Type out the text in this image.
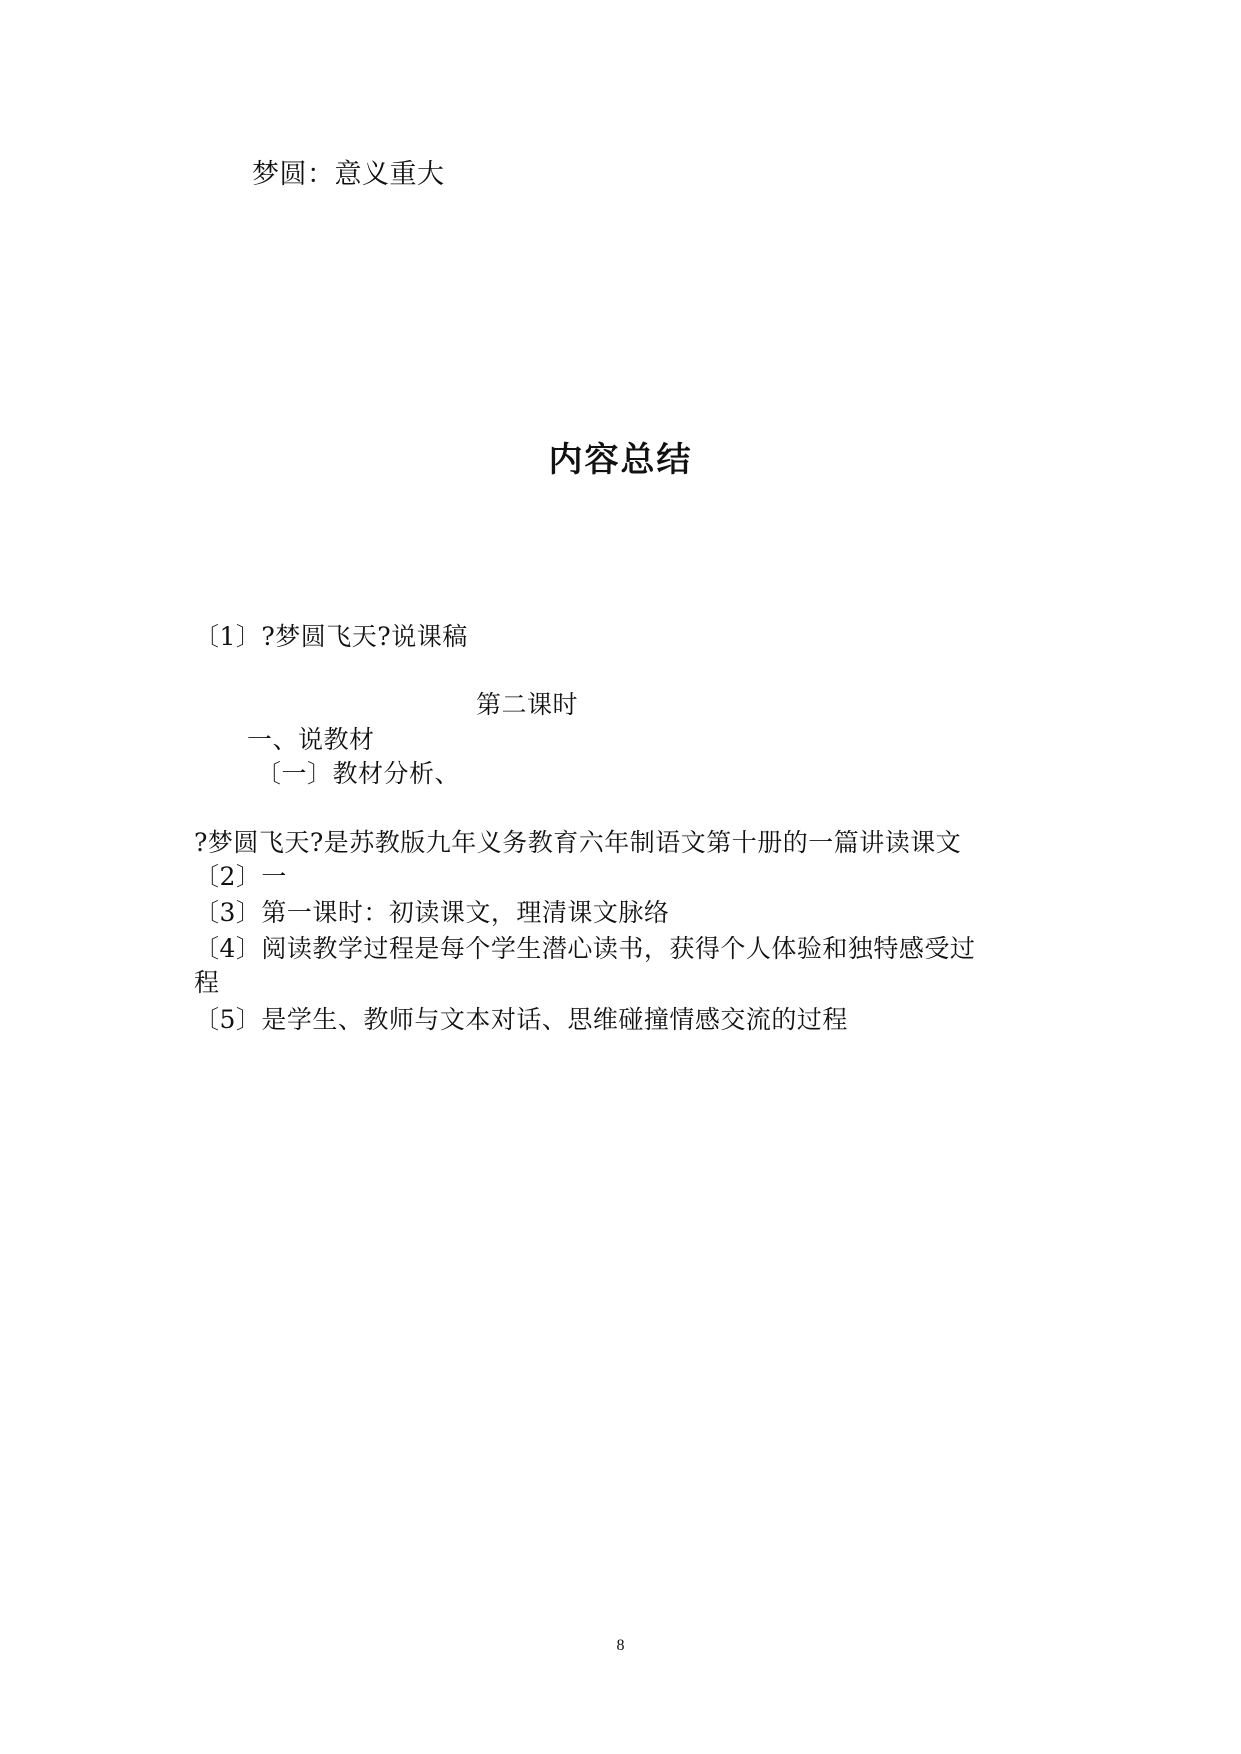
梦圆：意义重大
内容总结
〔1〕?梦圆飞天?说课稿
第二课时
一、说教材
〔一〕教材分析、
?梦圆飞天?是苏教版九年义务教育六年制语文第十册的一篇讲读课文
〔2〕一
〔3〕第一课时：初读课文，理清课文脉络
〔4〕阅读教学过程是每个学生潜心读书，获得个人体验和独特感受过
程
〔5〕是学生、教师与文本对话、思维碰撞情感交流的过程
8
